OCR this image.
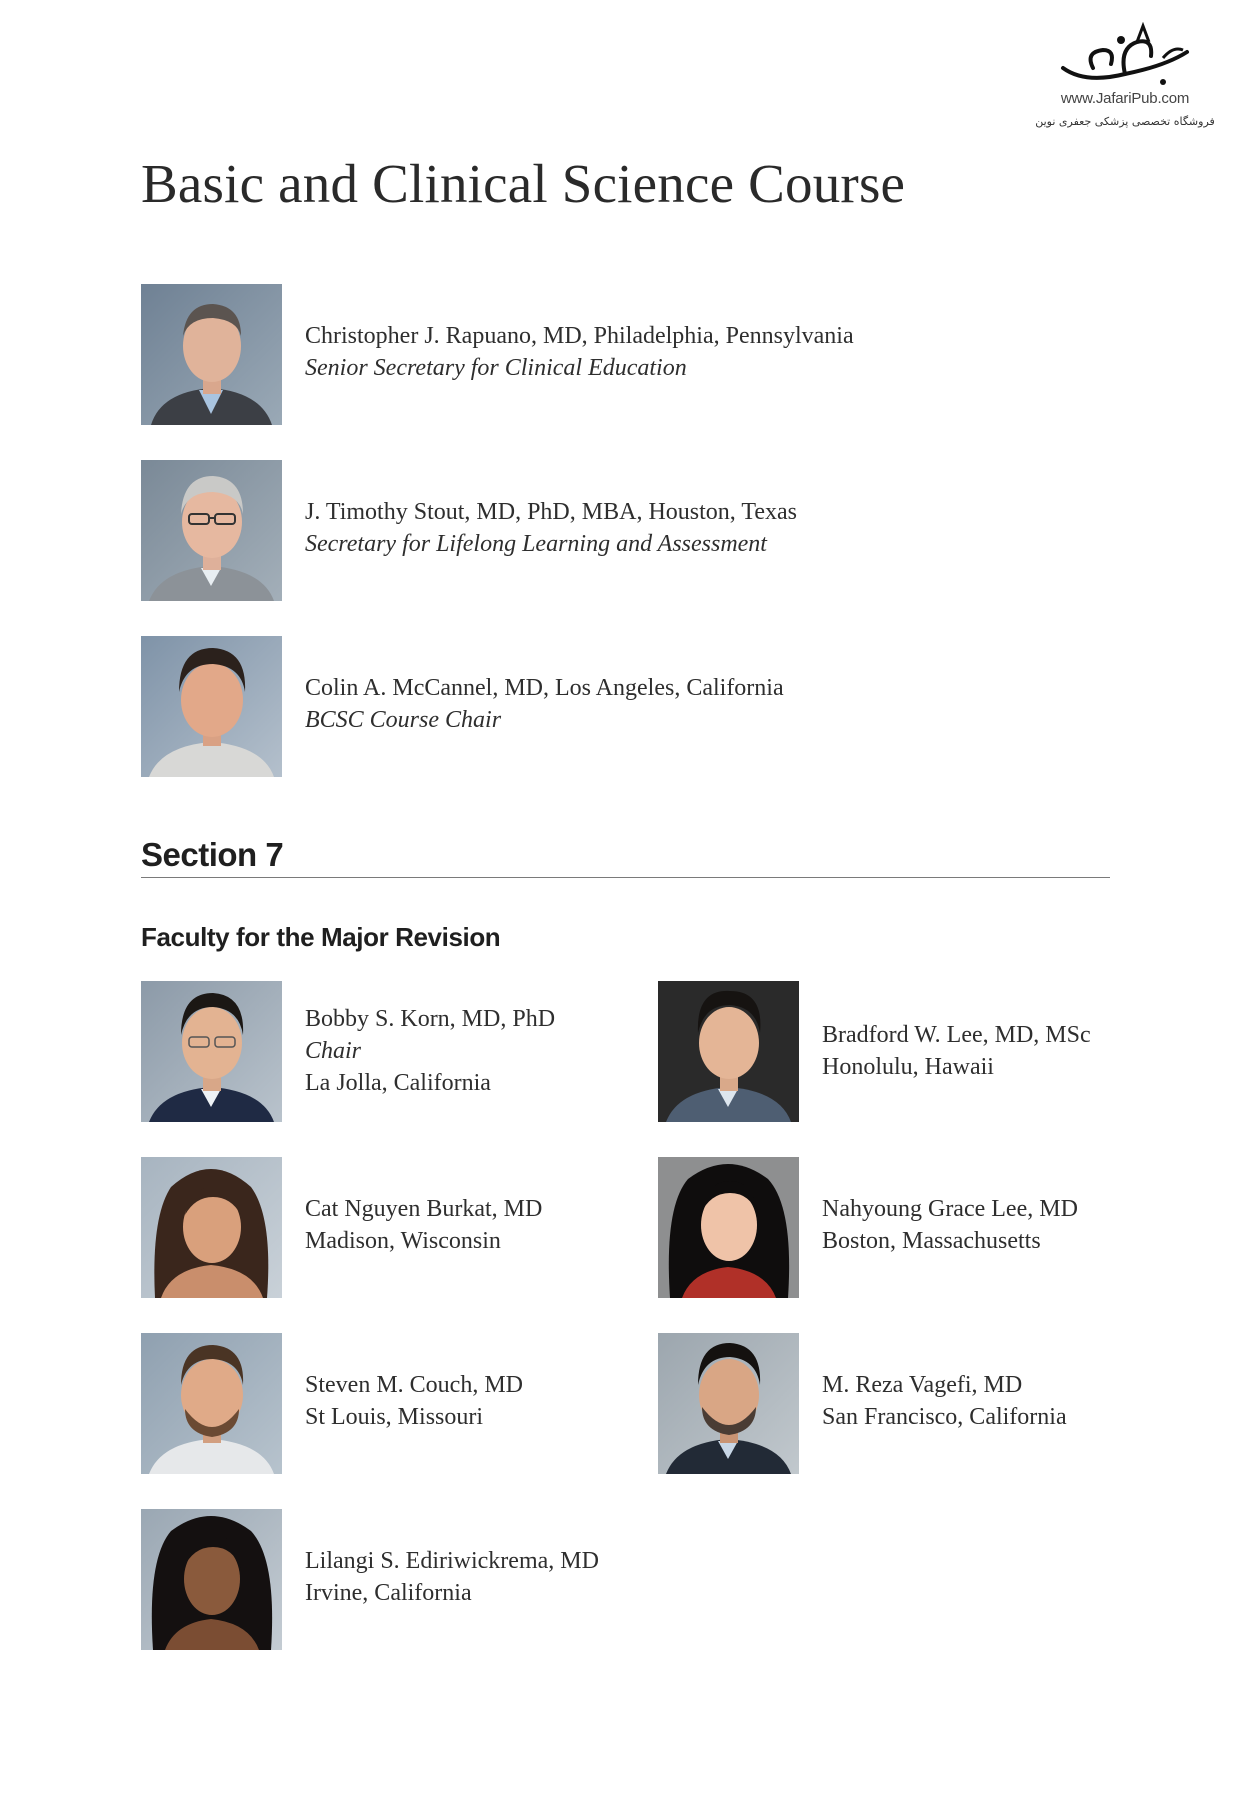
www.JafariPub.com
فروشگاه تخصصی پزشکی جعفری نوین
Basic and Clinical Science Course
Christopher J. Rapuano, MD, Philadelphia, Pennsylvania
Senior Secretary for Clinical Education
J. Timothy Stout, MD, PhD, MBA, Houston, Texas
Secretary for Lifelong Learning and Assessment
Colin A. McCannel, MD, Los Angeles, California
BCSC Course Chair
Section 7
Faculty for the Major Revision
Bobby S. Korn, MD, PhD
Chair
La Jolla, California
Cat Nguyen Burkat, MD
Madison, Wisconsin
Steven M. Couch, MD
St Louis, Missouri
Lilangi S. Ediriwickrema, MD
Irvine, California
Bradford W. Lee, MD, MSc
Honolulu, Hawaii
Nahyoung Grace Lee, MD
Boston, Massachusetts
M. Reza Vagefi, MD
San Francisco, California
